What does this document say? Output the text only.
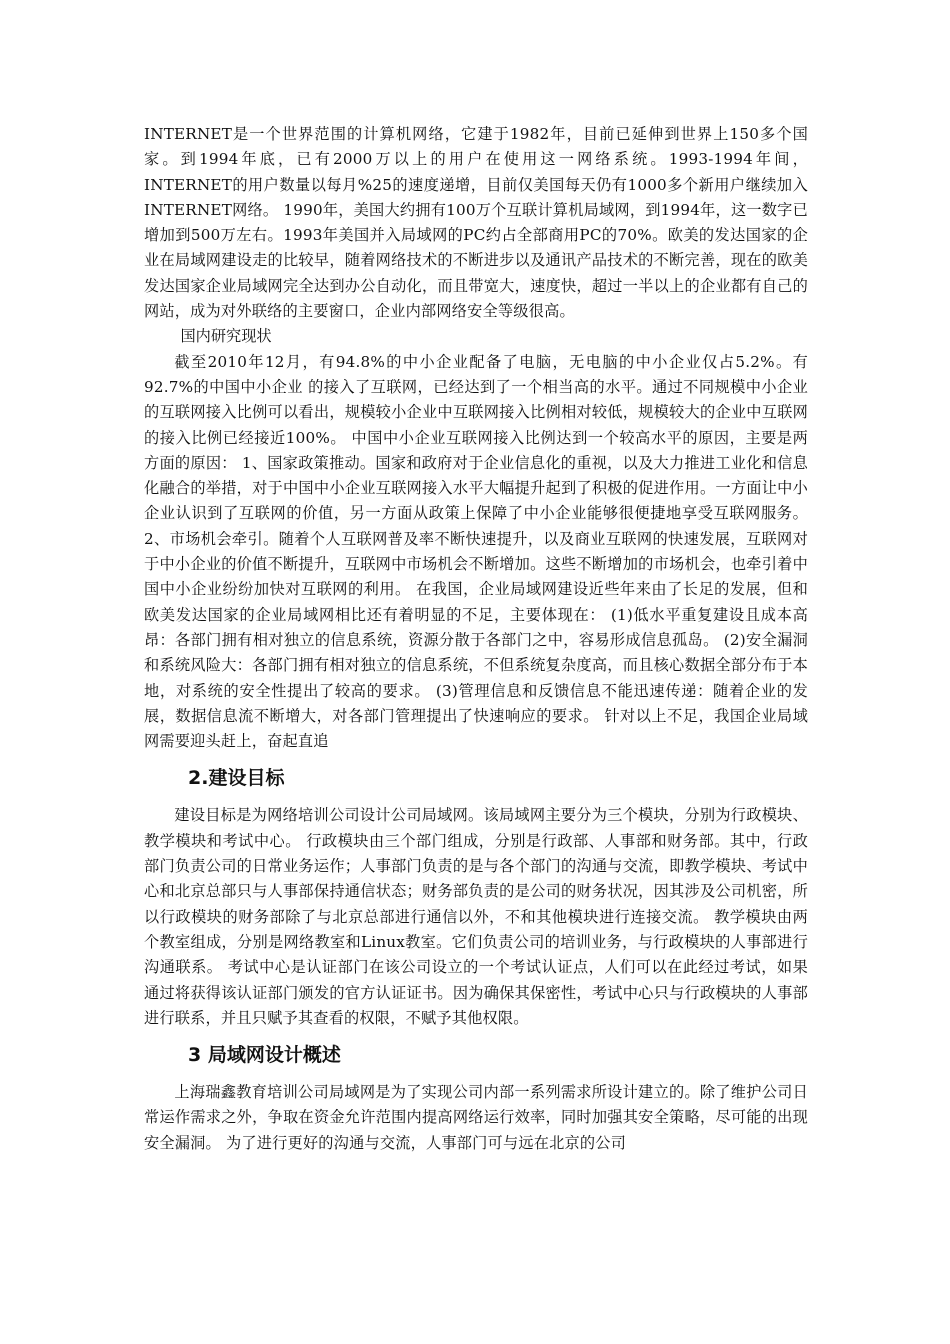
INTERNET是一个世界范围的计算机网络，它建于1982年，目前已延伸到世界上150多个国家。到1994年底，已有2000万以上的用户在使用这一网络系统。1993-1994年间，INTERNET的用户数量以每月%25的速度递增，目前仅美国每天仍有1000多个新用户继续加入INTERNET网络。 1990年，美国大约拥有100万个互联计算机局域网，到1994年，这一数字已增加到500万左右。1993年美国并入局域网的PC约占全部商用PC的70%。欧美的发达国家的企业在局域网建设走的比较早，随着网络技术的不断进步以及通讯产品技术的不断完善，现在的欧美发达国家企业局域网完全达到办公自动化，而且带宽大，速度快，超过一半以上的企业都有自己的网站，成为对外联络的主要窗口，企业内部网络安全等级很高。

国内研究现状

截至2010年12月，有94.8%的中小企业配备了电脑，无电脑的中小企业仅占5.2%。有92.7%的中国中小企业 的接入了互联网，已经达到了一个相当高的水平。通过不同规模中小企业的互联网接入比例可以看出，规模较小企业中互联网接入比例相对较低，规模较大的企业中互联网的接入比例已经接近100%。 中国中小企业互联网接入比例达到一个较高水平的原因，主要是两方面的原因： 1、国家政策推动。国家和政府对于企业信息化的重视，以及大力推进工业化和信息化融合的举措，对于中国中小企业互联网接入水平大幅提升起到了积极的促进作用。一方面让中小企业认识到了互联网的价值，另一方面从政策上保障了中小企业能够很便捷地享受互联网服务。 2、市场机会牵引。随着个人互联网普及率不断快速提升，以及商业互联网的快速发展，互联网对于中小企业的价值不断提升，互联网中市场机会不断增加。这些不断增加的市场机会，也牵引着中国中小企业纷纷加快对互联网的利用。 在我国，企业局域网建设近些年来由了长足的发展，但和欧美发达国家的企业局域网相比还有着明显的不足，主要体现在： (1)低水平重复建设且成本高昂：各部门拥有相对独立的信息系统，资源分散于各部门之中，容易形成信息孤岛。 (2)安全漏洞和系统风险大：各部门拥有相对独立的信息系统，不但系统复杂度高，而且核心数据全部分布于本地，对系统的安全性提出了较高的要求。 (3)管理信息和反馈信息不能迅速传递：随着企业的发展，数据信息流不断增大，对各部门管理提出了快速响应的要求。 针对以上不足，我国企业局域网需要迎头赶上，奋起直追

2.建设目标

建设目标是为网络培训公司设计公司局域网。该局域网主要分为三个模块，分别为行政模块、教学模块和考试中心。 行政模块由三个部门组成，分别是行政部、人事部和财务部。其中，行政部门负责公司的日常业务运作；人事部门负责的是与各个部门的沟通与交流，即教学模块、考试中心和北京总部只与人事部保持通信状态；财务部负责的是公司的财务状况，因其涉及公司机密，所以行政模块的财务部除了与北京总部进行通信以外，不和其他模块进行连接交流。 教学模块由两个教室组成，分别是网络教室和Linux教室。它们负责公司的培训业务，与行政模块的人事部进行沟通联系。 考试中心是认证部门在该公司设立的一个考试认证点，人们可以在此经过考试，如果通过将获得该认证部门颁发的官方认证证书。因为确保其保密性，考试中心只与行政模块的人事部进行联系，并且只赋予其查看的权限，不赋予其他权限。

3 局域网设计概述

上海瑞鑫教育培训公司局域网是为了实现公司内部一系列需求所设计建立的。除了维护公司日常运作需求之外，争取在资金允许范围内提高网络运行效率，同时加强其安全策略，尽可能的出现安全漏洞。 为了进行更好的沟通与交流，人事部门可与远在北京的公司
